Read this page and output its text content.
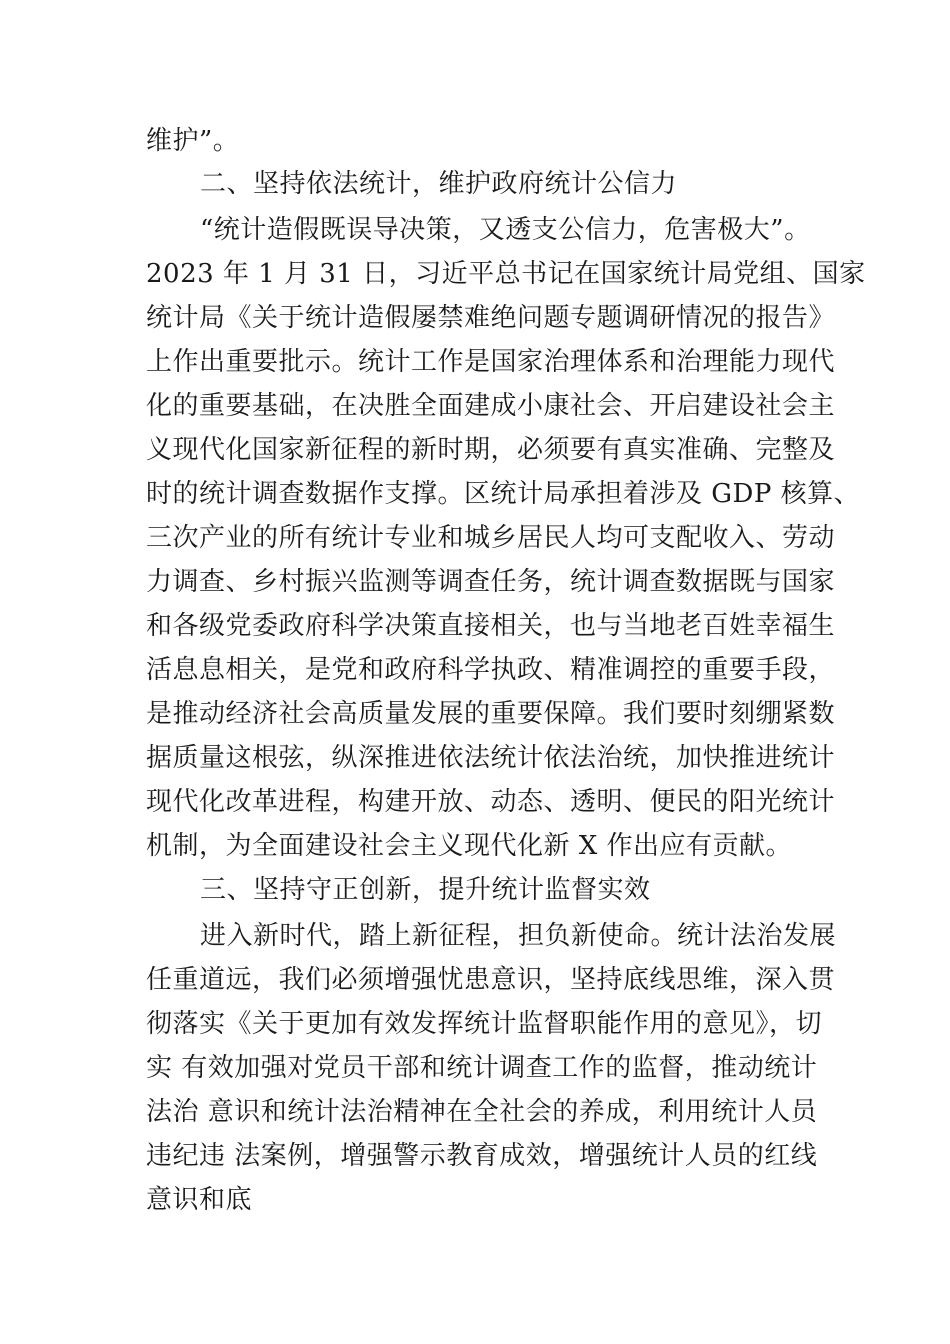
维护”。
二、坚持依法统计，维护政府统计公信力
“统计造假既误导决策，又透支公信力，危害极大”。
2023 年 1 月 31 日，习近平总书记在国家统计局党组、国家
统计局《关于统计造假屡禁难绝问题专题调研情况的报告》
上作出重要批示。统计工作是国家治理体系和治理能力现代
化的重要基础，在决胜全面建成小康社会、开启建设社会主
义现代化国家新征程的新时期，必须要有真实准确、完整及
时的统计调查数据作支撑。区统计局承担着涉及 GDP 核算、
三次产业的所有统计专业和城乡居民人均可支配收入、劳动
力调查、乡村振兴监测等调查任务，统计调查数据既与国家
和各级党委政府科学决策直接相关，也与当地老百姓幸福生
活息息相关，是党和政府科学执政、精准调控的重要手段，
是推动经济社会高质量发展的重要保障。我们要时刻绷紧数
据质量这根弦，纵深推进依法统计依法治统，加快推进统计
现代化改革进程，构建开放、动态、透明、便民的阳光统计
机制，为全面建设社会主义现代化新 X 作出应有贡献。
三、坚持守正创新，提升统计监督实效
进入新时代，踏上新征程，担负新使命。统计法治发展
任重道远，我们必须增强忧患意识，坚持底线思维，深入贯
彻落实《关于更加有效发挥统计监督职能作用的意见》，切
实 有效加强对党员干部和统计调查工作的监督，推动统计
法治 意识和统计法治精神在全社会的养成，利用统计人员
违纪违 法案例，增强警示教育成效，增强统计人员的红线
意识和底
